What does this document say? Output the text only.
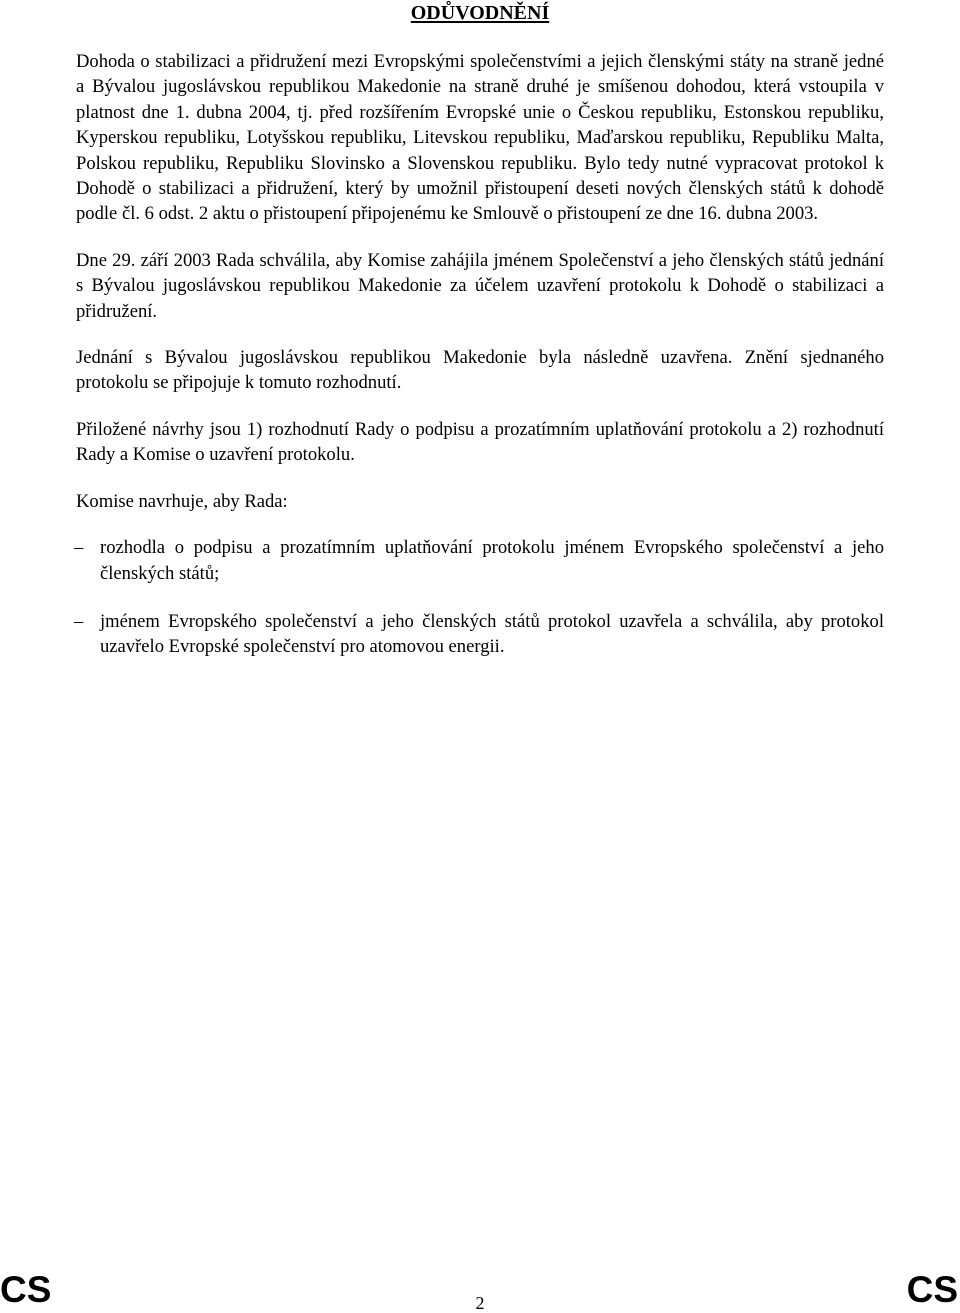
ODŮVODNĚNÍ

Dohoda o stabilizaci a přidružení mezi Evropskými společenstvími a jejich členskými státy na straně jedné a Bývalou jugoslávskou republikou Makedonie na straně druhé je smíšenou dohodou, která vstoupila v platnost dne 1. dubna 2004, tj. před rozšířením Evropské unie o Českou republiku, Estonskou republiku, Kyperskou republiku, Lotyšskou republiku, Litevskou republiku, Maďarskou republiku, Republiku Malta, Polskou republiku, Republiku Slovinsko a Slovenskou republiku. Bylo tedy nutné vypracovat protokol k Dohodě o stabilizaci a přidružení, který by umožnil přistoupení deseti nových členských států k dohodě podle čl. 6 odst. 2 aktu o přistoupení připojenému ke Smlouvě o přistoupení ze dne 16. dubna 2003.

Dne 29. září 2003 Rada schválila, aby Komise zahájila jménem Společenství a jeho členských států jednání s Bývalou jugoslávskou republikou Makedonie za účelem uzavření protokolu k Dohodě o stabilizaci a přidružení.

Jednání s Bývalou jugoslávskou republikou Makedonie byla následně uzavřena. Znění sjednaného protokolu se připojuje k tomuto rozhodnutí.

Přiložené návrhy jsou 1) rozhodnutí Rady o podpisu a prozatímním uplatňování protokolu a 2) rozhodnutí Rady a Komise o uzavření protokolu.

Komise navrhuje, aby Rada:

– rozhodla o podpisu a prozatímním uplatňování protokolu jménem Evropského společenství a jeho členských států;
– jménem Evropského společenství a jeho členských států protokol uzavřela a schválila, aby protokol uzavřelo Evropské společenství pro atomovou energii.
CS	2	CS
